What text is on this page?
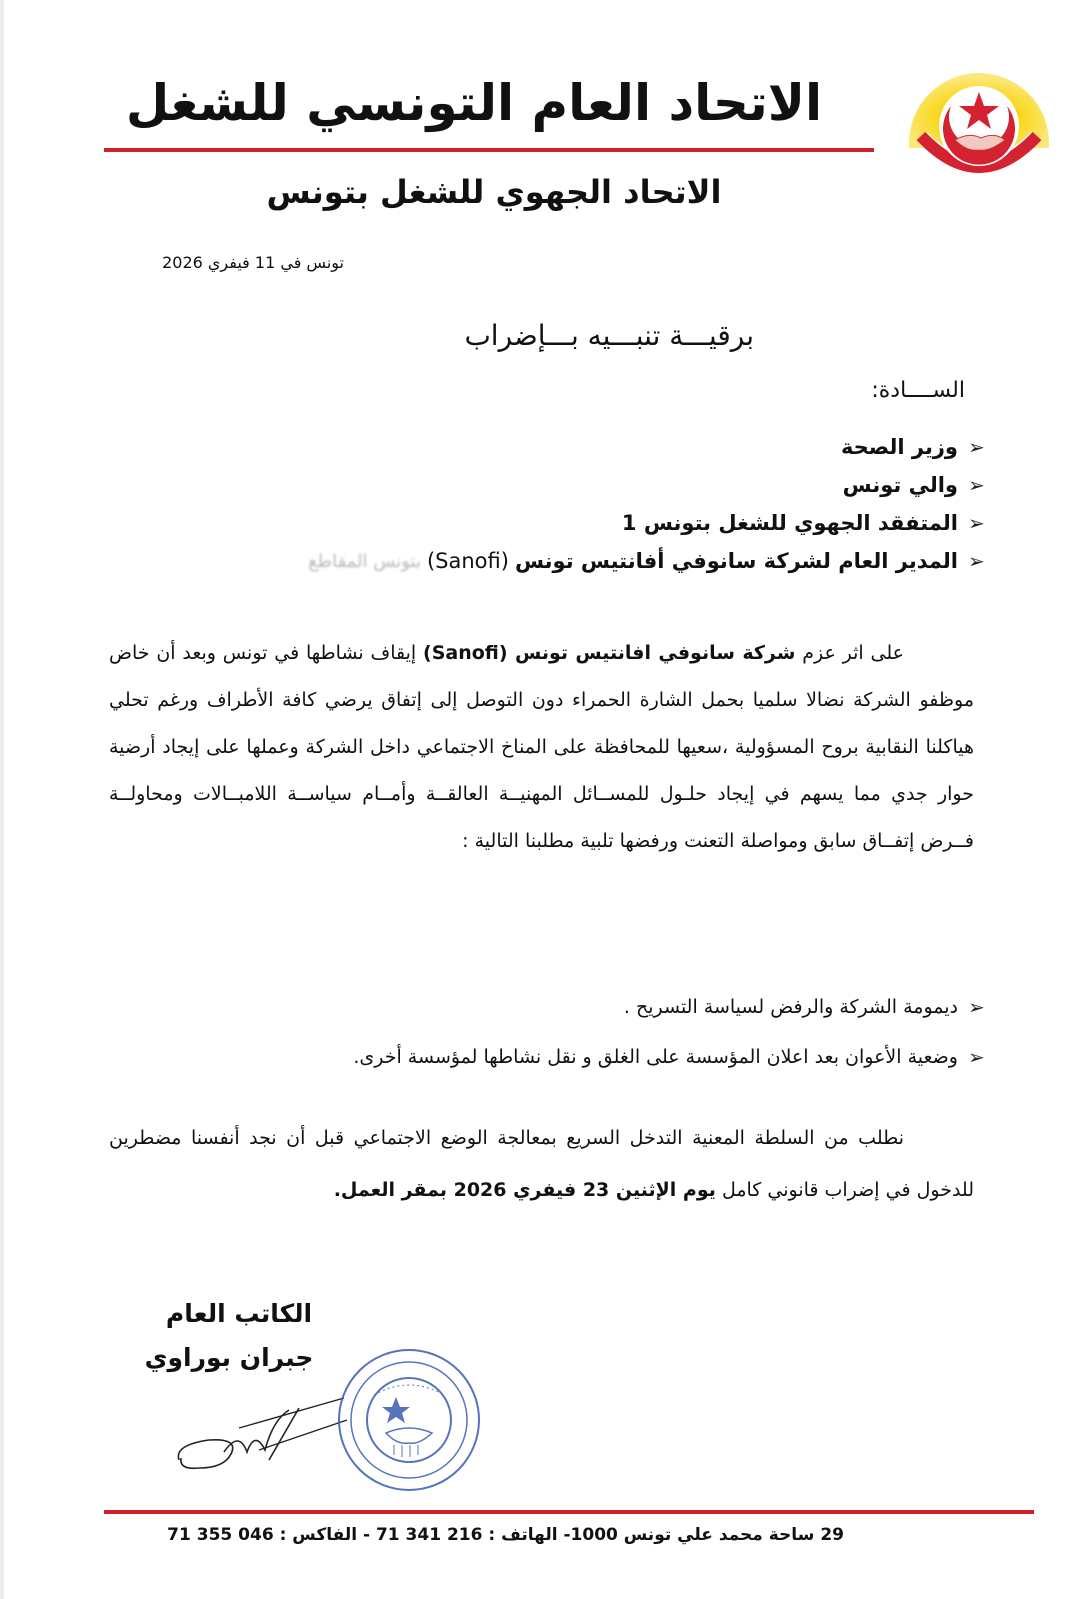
الاتحاد العام التونسي للشغل
الاتحاد الجهوي للشغل بتونس
تونس في 11 فيفري 2026
برقيـــة تنبـــيه بـــإضراب
الســــادة:
➢
وزير الصحة
➢
والي تونس
➢
المتفقد الجهوي للشغل بتونس 1
➢
المدير العام لشركة سانوفي أفانتيس تونس
(Sanofi)
بتونس المقاطع
على اثر عزم شركة سانوفي افانتيس تونس (Sanofi) إيقاف نشاطها في تونس وبعد أن خاض موظفو الشركة نضالا سلميا بحمل الشارة الحمراء دون التوصل إلى إتفاق يرضي كافة الأطراف ورغم تحلي هياكلنا النقابية بروح المسؤولية ،سعيها للمحافظة على المناخ الاجتماعي داخل الشركة وعملها على إيجاد أرضية حوار جدي مما يسهم في إيجاد حلـول للمســائل المهنيــة العالقــة وأمــام سياســة اللامبــالات ومحاولــة فــرض إتفــاق سابق ومواصلة التعنت ورفضها تلبية مطلبنا التالية :
➢
ديمومة الشركة والرفض لسياسة التسريح .
➢
وضعية الأعوان بعد اعلان المؤسسة على الغلق و نقل نشاطها لمؤسسة أخرى.
نطلب من السلطة المعنية التدخل السريع بمعالجة الوضع الاجتماعي قبل أن نجد أنفسنا مضطرين للدخول في إضراب قانوني كامل يوم الإثنين 23 فيفري 2026 بمقر العمل.
الكاتب العام
جبران بوراوي
29 ساحة محمد علي تونس 1000- الهاتف : 216 341 71 - الفاكس : 046 355 71
